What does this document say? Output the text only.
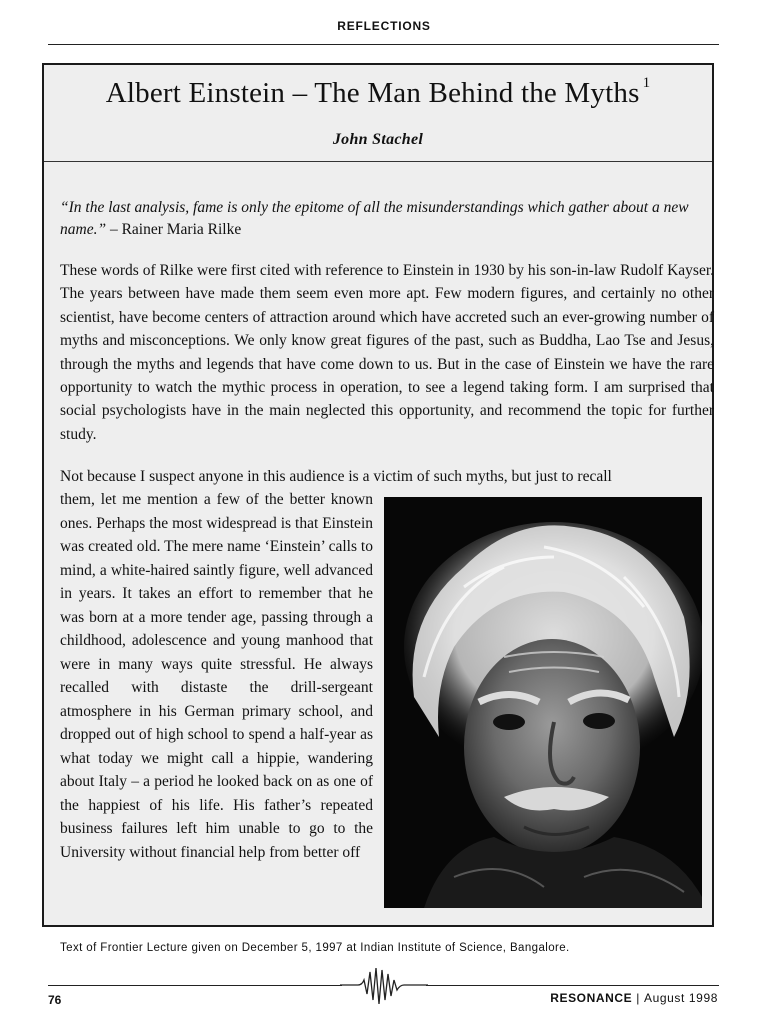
REFLECTIONS
Albert Einstein – The Man Behind the Myths $^1$
John Stachel
“In the last analysis, fame is only the epitome of all the misunderstandings which gather about a new name.” – Rainer Maria Rilke
These words of Rilke were first cited with reference to Einstein in 1930 by his son-in-law Rudolf Kayser. The years between have made them seem even more apt. Few modern figures, and certainly no other scientist, have become centers of attraction around which have accreted such an ever-growing number of myths and misconceptions. We only know great figures of the past, such as Buddha, Lao Tse and Jesus, through the myths and legends that have come down to us. But in the case of Einstein we have the rare opportunity to watch the mythic process in operation, to see a legend taking form. I am surprised that social psychologists have in the main neglected this opportunity, and recommend the topic for further study.
Not because I suspect anyone in this audience is a victim of such myths, but just to recall
them, let me mention a few of the better known ones. Perhaps the most widespread is that Einstein was created old. The mere name ‘Einstein’ calls to mind, a white-haired saintly figure, well advanced in years. It takes an effort to remember that he was born at a more tender age, passing through a childhood, adolescence and young manhood that were in many ways quite stressful. He always recalled with distaste the drill-sergeant atmosphere in his German primary school, and dropped out of high school to spend a half-year as what today we might call a hippie, wandering about Italy – a period he looked back on as one of the happiest of his life. His father’s repeated business failures left him unable to go to the University without financial help from better off
Text of Frontier Lecture given on December 5, 1997 at Indian Institute of Science, Bangalore.
76	RESONANCE | August 1998
